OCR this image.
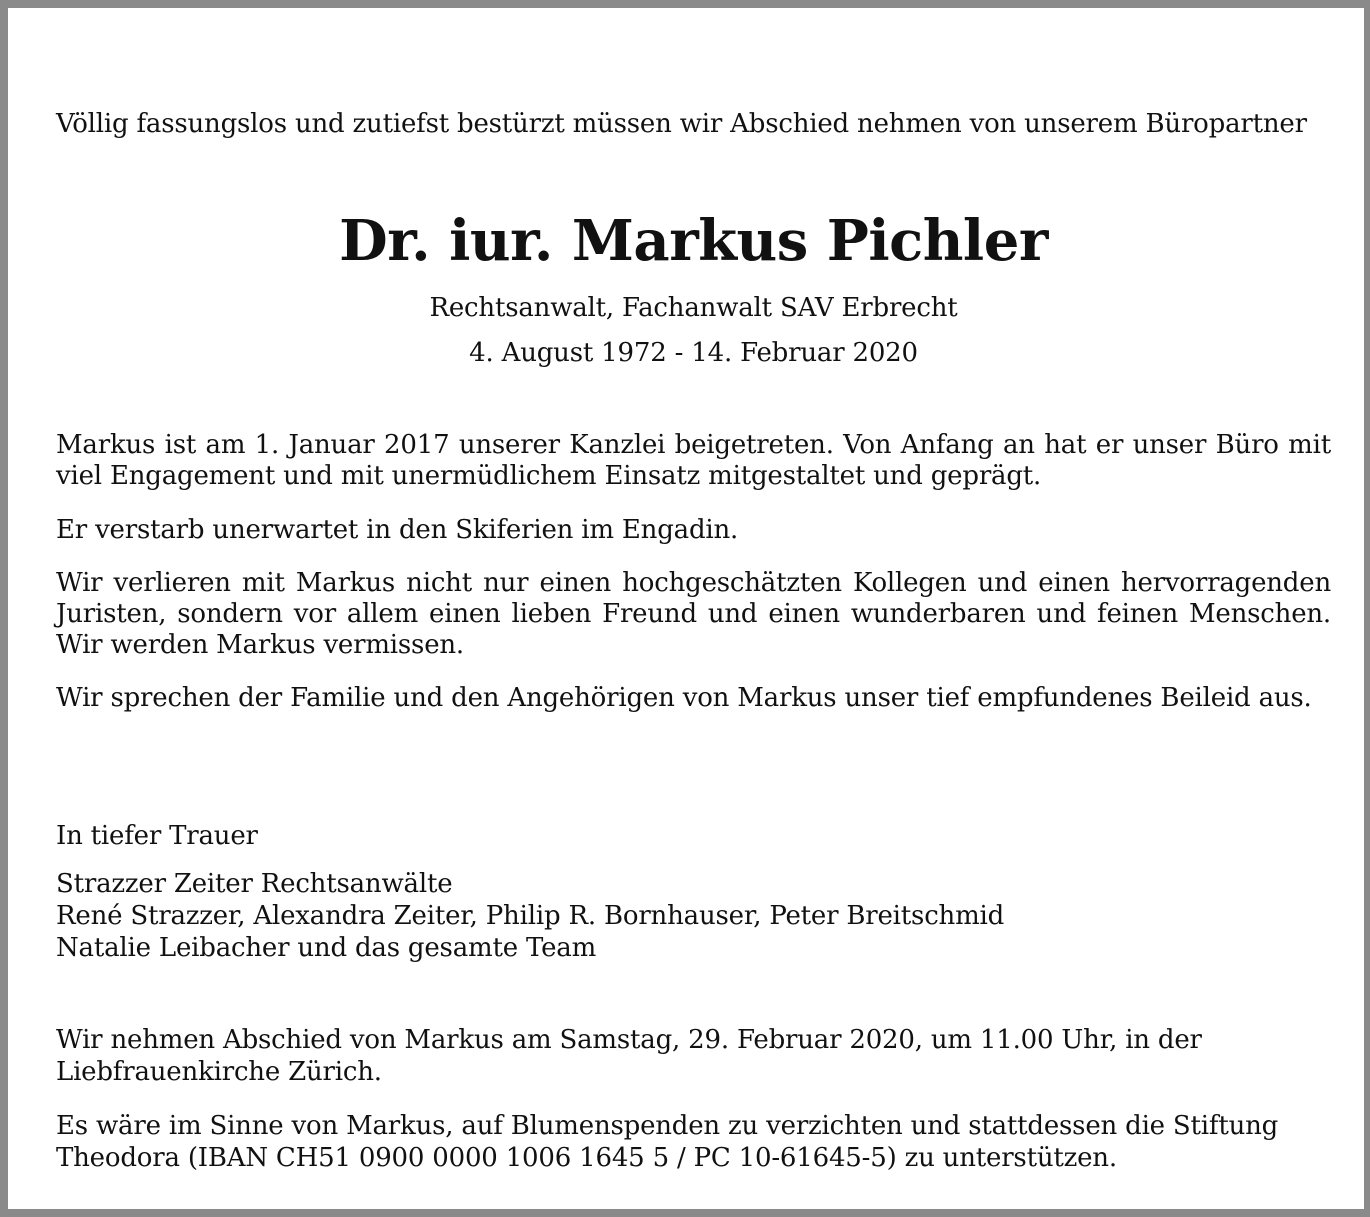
Völlig fassungslos und zutiefst bestürzt müssen wir Abschied nehmen von unserem Büropartner
Dr. iur. Markus Pichler
Rechtsanwalt, Fachanwalt SAV Erbrecht
4. August 1972 - 14. Februar 2020

Markus ist am 1. Januar 2017 unserer Kanzlei beigetreten. Von Anfang an hat er unser Büro mit viel Engagement und mit unermüdlichem Einsatz mitgestaltet und geprägt.

Er verstarb unerwartet in den Skiferien im Engadin.

Wir verlieren mit Markus nicht nur einen hochgeschätzten Kollegen und einen hervorragenden Juristen, sondern vor allem einen lieben Freund und einen wunderbaren und feinen Menschen. Wir werden Markus vermissen.

Wir sprechen der Familie und den Angehörigen von Markus unser tief empfundenes Beileid aus.

In tiefer Trauer
Strazzer Zeiter Rechtsanwälte
René Strazzer, Alexandra Zeiter, Philip R. Bornhauser, Peter Breitschmid
Natalie Leibacher und das gesamte Team
Wir nehmen Abschied von Markus am Samstag, 29. Februar 2020, um 11.00 Uhr, in der
Liebfrauenkirche Zürich.
Es wäre im Sinne von Markus, auf Blumenspenden zu verzichten und stattdessen die Stiftung
Theodora (IBAN CH51 0900 0000 1006 1645 5 / PC 10-61645-5) zu unterstützen.
